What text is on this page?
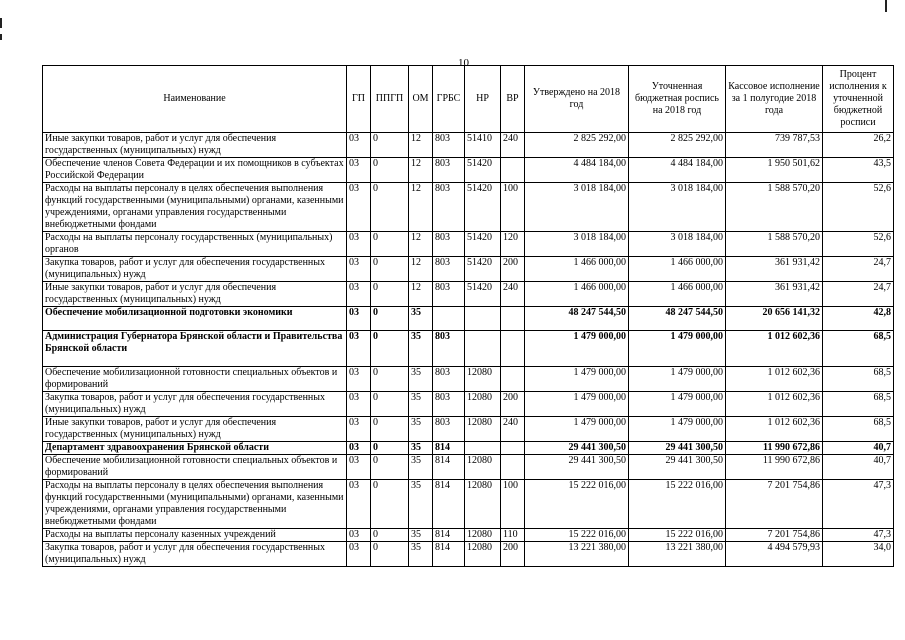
10
Наименование	ГП	ППГП	ОМ	ГРБС	НР	ВР	Утверждено на 2018 год	Уточненная бюджетная роспись на 2018 год	Кассовое исполнение за 1 полугодие 2018 года	Процент исполнения к уточненной бюджетной росписи
Иные закупки товаров, работ и услуг для обеспечения государственных (муниципальных) нужд	03	0	12	803	51410	240	2 825 292,00	2 825 292,00	739 787,53	26,2
Обеспечение членов Совета Федерации и их помощников в субъектах Российской Федерации	03	0	12	803	51420		4 484 184,00	4 484 184,00	1 950 501,62	43,5
Расходы на выплаты персоналу в целях обеспечения выполнения функций государственными (муниципальными) органами, казенными учреждениями, органами управления государственными внебюджетными фондами	03	0	12	803	51420	100	3 018 184,00	3 018 184,00	1 588 570,20	52,6
Расходы на выплаты персоналу государственных (муниципальных) органов	03	0	12	803	51420	120	3 018 184,00	3 018 184,00	1 588 570,20	52,6
Закупка товаров, работ и услуг для обеспечения государственных (муниципальных) нужд	03	0	12	803	51420	200	1 466 000,00	1 466 000,00	361 931,42	24,7
Иные закупки товаров, работ и услуг для обеспечения государственных (муниципальных) нужд	03	0	12	803	51420	240	1 466 000,00	1 466 000,00	361 931,42	24,7
Обеспечение мобилизационной подготовки экономики	03	0	35				48 247 544,50	48 247 544,50	20 656 141,32	42,8
Администрация Губернатора Брянской области и Правительства Брянской области	03	0	35	803			1 479 000,00	1 479 000,00	1 012 602,36	68,5
Обеспечение мобилизационной готовности специальных объектов и формирований	03	0	35	803	12080		1 479 000,00	1 479 000,00	1 012 602,36	68,5
Закупка товаров, работ и услуг для обеспечения государственных (муниципальных) нужд	03	0	35	803	12080	200	1 479 000,00	1 479 000,00	1 012 602,36	68,5
Иные закупки товаров, работ и услуг для обеспечения государственных (муниципальных) нужд	03	0	35	803	12080	240	1 479 000,00	1 479 000,00	1 012 602,36	68,5
Департамент здравоохранения Брянской области	03	0	35	814			29 441 300,50	29 441 300,50	11 990 672,86	40,7
Обеспечение мобилизационной готовности специальных объектов и формирований	03	0	35	814	12080		29 441 300,50	29 441 300,50	11 990 672,86	40,7
Расходы на выплаты персоналу в целях обеспечения выполнения функций государственными (муниципальными) органами, казенными учреждениями, органами управления государственными внебюджетными фондами	03	0	35	814	12080	100	15 222 016,00	15 222 016,00	7 201 754,86	47,3
Расходы на выплаты персоналу казенных учреждений	03	0	35	814	12080	110	15 222 016,00	15 222 016,00	7 201 754,86	47,3
Закупка товаров, работ и услуг для обеспечения государственных (муниципальных) нужд	03	0	35	814	12080	200	13 221 380,00	13 221 380,00	4 494 579,93	34,0
